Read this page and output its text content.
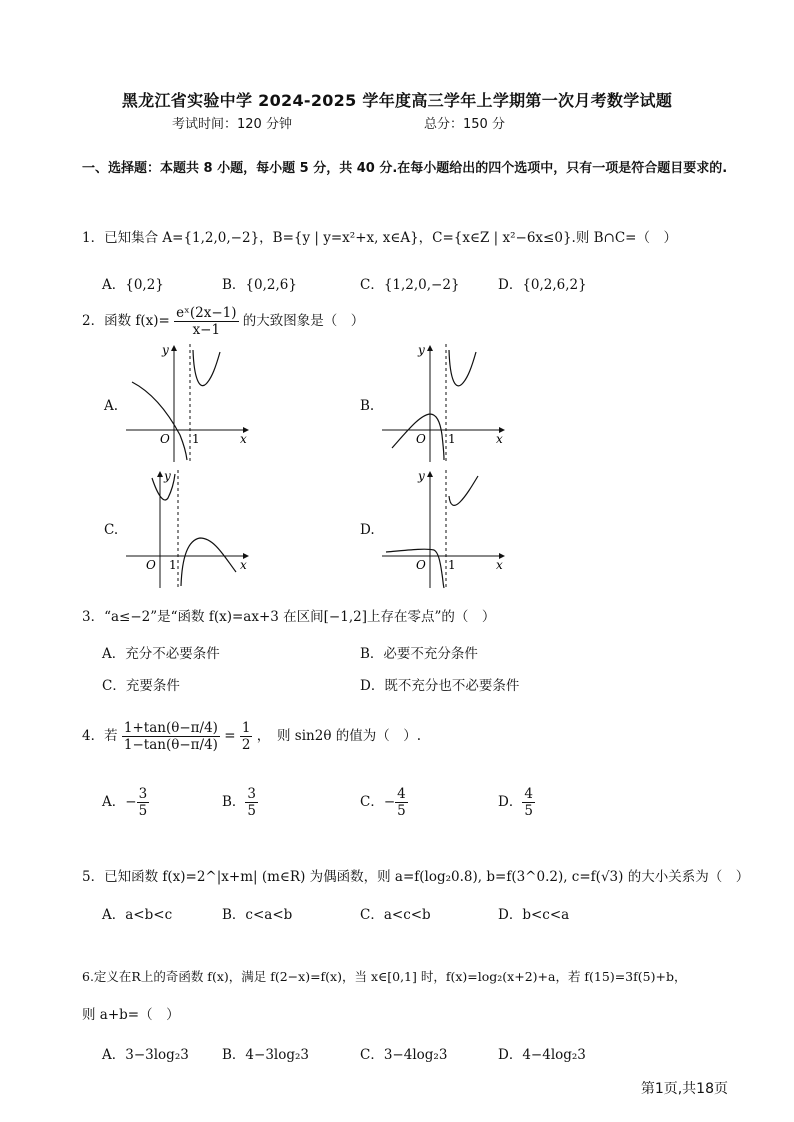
黑龙江省实验中学 2024-2025 学年度高三学年上学期第一次月考数学试题
考试时间：120 分钟	总分：150 分
一、选择题：本题共 8 小题，每小题 5 分，共 40 分.在每小题给出的四个选项中，只有一项是符合题目要求的.
1．已知集合 A={1,2,0,−2}，B={y | y=x²+x, x∈A}，C={x∈Z | x²−6x≤0}.则 B∩C=（　）
A．{0,2}	B．{0,2,6}	C．{1,2,0,−2}	D．{0,2,6,2}
2．函数 $f(x)= \frac{\text{eˣ(2x−1)}}{x-1}$ 的大致图象是（　）
A.	B.
C.	D.
O 1	x
y
O 1	x
y
O 1	x
y
O 1	x
y
3．“a≤−2”是“函数 f(x)=ax+3 在区间[−1,2]上存在零点”的（　）
A．充分不必要条件	B．必要不充分条件
C．充要条件	D．既不充分也不必要条件
4．若 $\frac{1+\tan(\theta-\pi/4)}{1-\tan(\theta-\pi/4)} = \frac{1}{2}$ ，　则 sin2θ 的值为（　）.
A．− $\frac{3}{5}$	B． $\frac{3}{5}$	C．− $\frac{4}{5}$	D． $\frac{4}{5}$
5．已知函数 f(x)=2^|x+m| (m∈R) 为偶函数，则 a=f(log₂0.8), b=f(3^0.2), c=f(√3) 的大小关系为（　）
A．a<b<c	B．c<a<b	C．a<c<b	D．b<c<a
6.定义在R上的奇函数 f(x)，满足 f(2−x)=f(x)，当 x∈[0,1] 时，f(x)=log₂(x+2)+a，若 f(15)=3f(5)+b，
则 a+b=（　）
A．3−3log₂3 B．4−3log₂3	C．3−4log₂3	D．4−4log₂3
第1页,共18页
